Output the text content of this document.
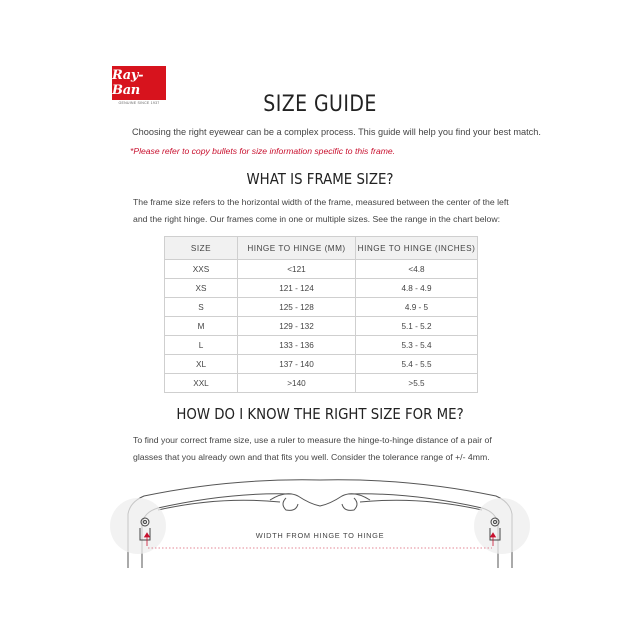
Ray-Ban
GENUINE SINCE 1937	SIZE GUIDE
Choosing the right eyewear can be a complex process. This guide will help you find your best match.
*Please refer to copy bullets for size information specific to this frame.
WHAT IS FRAME SIZE?
The frame size refers to the horizontal width of the frame, measured between the center of the left
and the right hinge. Our frames come in one or multiple sizes. See the range in the chart below:
SIZE	HINGE TO HINGE (MM)	HINGE TO HINGE (INCHES)
XXS	<121	<4.8
XS	121 - 124	4.8 - 4.9
S	125 - 128	4.9 - 5
M	129 - 132	5.1 - 5.2
L	133 - 136	5.3 - 5.4
XL	137 - 140	5.4 - 5.5
XXL	>140	>5.5
HOW DO I KNOW THE RIGHT SIZE FOR ME?
To find your correct frame size, use a ruler to measure the hinge-to-hinge distance of a pair of
glasses that you already own and that fits you well. Consider the tolerance range of +/- 4mm.
WIDTH FROM HINGE TO HINGE
